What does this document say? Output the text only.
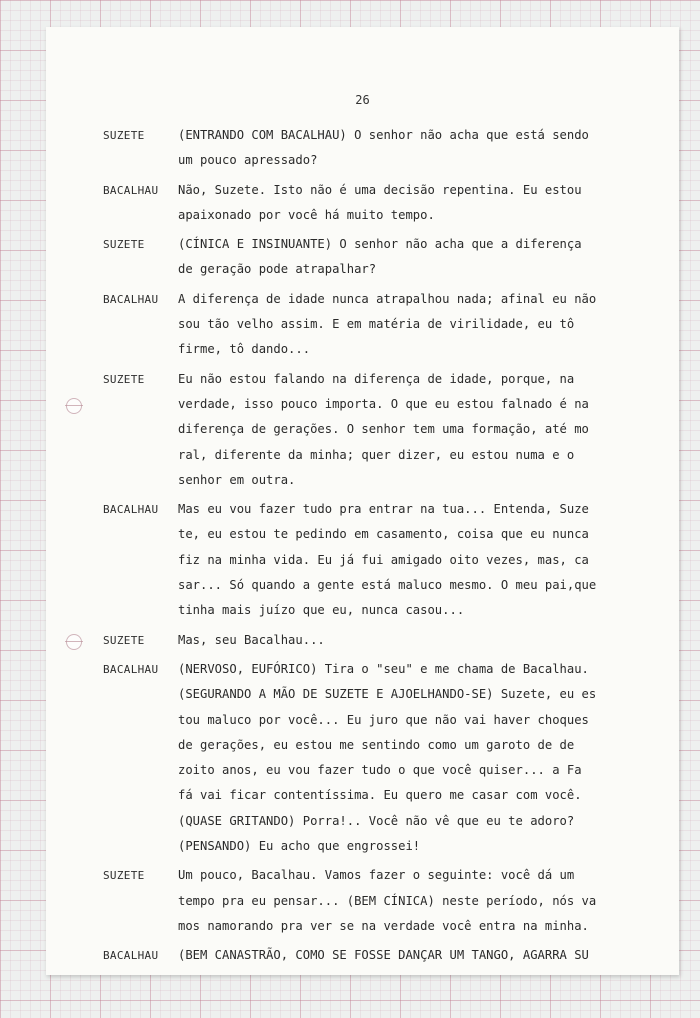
26
SUZETE	(ENTRANDO COM BACALHAU) O senhor não acha que está sendo
um pouco apressado?
BACALHAU	Não, Suzete. Isto não é uma decisão repentina. Eu estou
apaixonado por você há muito tempo.
SUZETE	(CÍNICA E INSINUANTE) O senhor não acha que a diferença
de geração pode atrapalhar?
BACALHAU	A diferença de idade nunca atrapalhou nada; afinal eu não
sou tão velho assim. E em matéria de virilidade, eu tô
firme, tô dando...
SUZETE	Eu não estou falando na diferença de idade, porque, na
verdade, isso pouco importa. O que eu estou falnado é na
diferença de gerações. O senhor tem uma formação, até mo
ral, diferente da minha; quer dizer, eu estou numa e o
senhor em outra.
BACALHAU	Mas eu vou fazer tudo pra entrar na tua... Entenda, Suze
te, eu estou te pedindo em casamento, coisa que eu nunca
fiz na minha vida. Eu já fui amigado oito vezes, mas, ca
sar... Só quando a gente está maluco mesmo. O meu pai,que
tinha mais juízo que eu, nunca casou...
SUZETE	Mas, seu Bacalhau...
BACALHAU	(NERVOSO, EUFÓRICO) Tira o "seu" e me chama de Bacalhau.
(SEGURANDO A MÃO DE SUZETE E AJOELHANDO-SE) Suzete, eu es
tou maluco por você... Eu juro que não vai haver choques
de gerações, eu estou me sentindo como um garoto de de
zoito anos, eu vou fazer tudo o que você quiser... a Fa
fá vai ficar contentíssima. Eu quero me casar com você.
(QUASE GRITANDO) Porra!.. Você não vê que eu te adoro?
(PENSANDO) Eu acho que engrossei!
SUZETE	Um pouco, Bacalhau. Vamos fazer o seguinte: você dá um
tempo pra eu pensar... (BEM CÍNICA) neste período, nós va
mos namorando pra ver se na verdade você entra na minha.
BACALHAU	(BEM CANASTRÃO, COMO SE FOSSE DANÇAR UM TANGO, AGARRA SU
